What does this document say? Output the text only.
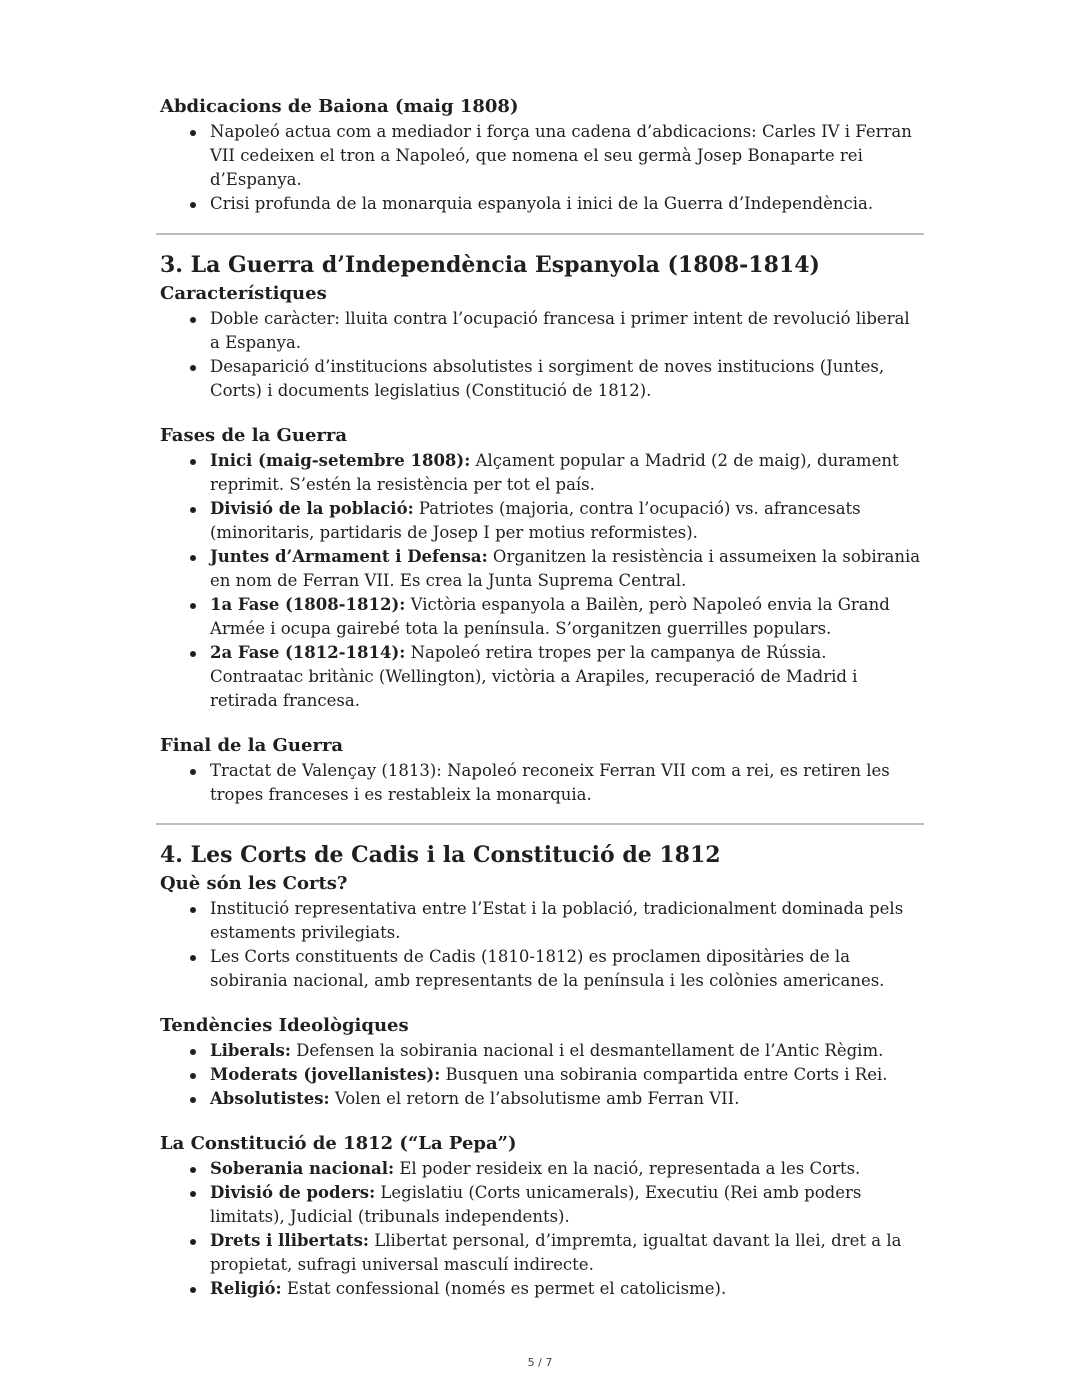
Abdicacions de Baiona (maig 1808)
Napoleó actua com a mediador i força una cadena d’abdicacions: Carles IV i Ferran VII cedeixen el tron a Napoleó, que nomena el seu germà Josep Bonaparte rei d’Espanya.
Crisi profunda de la monarquia espanyola i inici de la Guerra d’Independència.
3. La Guerra d’Independència Espanyola (1808-1814)
Característiques
Doble caràcter: lluita contra l’ocupació francesa i primer intent de revolució liberal a Espanya.
Desaparició d’institucions absolutistes i sorgiment de noves institucions (Juntes, Corts) i documents legislatius (Constitució de 1812).
Fases de la Guerra
Inici (maig-setembre 1808): Alçament popular a Madrid (2 de maig), durament reprimit. S’estén la resistència per tot el país.
Divisió de la població: Patriotes (majoria, contra l’ocupació) vs. afrancesats (minoritaris, partidaris de Josep I per motius reformistes).
Juntes d’Armament i Defensa: Organitzen la resistència i assumeixen la sobirania en nom de Ferran VII. Es crea la Junta Suprema Central.
1a Fase (1808-1812): Victòria espanyola a Bailèn, però Napoleó envia la Grand Armée i ocupa gairebé tota la península. S’organitzen guerrilles populars.
2a Fase (1812-1814): Napoleó retira tropes per la campanya de Rússia. Contraatac britànic (Wellington), victòria a Arapiles, recuperació de Madrid i retirada francesa.
Final de la Guerra
Tractat de Valençay (1813): Napoleó reconeix Ferran VII com a rei, es retiren les tropes franceses i es restableix la monarquia.
4. Les Corts de Cadis i la Constitució de 1812
Què són les Corts?
Institució representativa entre l’Estat i la població, tradicionalment dominada pels estaments privilegiats.
Les Corts constituents de Cadis (1810-1812) es proclamen dipositàries de la sobirania nacional, amb representants de la península i les colònies americanes.
Tendències Ideològiques
Liberals: Defensen la sobirania nacional i el desmantellament de l’Antic Règim.
Moderats (jovellanistes): Busquen una sobirania compartida entre Corts i Rei.
Absolutistes: Volen el retorn de l’absolutisme amb Ferran VII.
La Constitució de 1812 (“La Pepa”)
Soberania nacional: El poder resideix en la nació, representada a les Corts.
Divisió de poders: Legislatiu (Corts unicamerals), Executiu (Rei amb poders limitats), Judicial (tribunals independents).
Drets i llibertats: Llibertat personal, d’impremta, igualtat davant la llei, dret a la propietat, sufragi universal masculí indirecte.
Religió: Estat confessional (només es permet el catolicisme).
5 / 7
